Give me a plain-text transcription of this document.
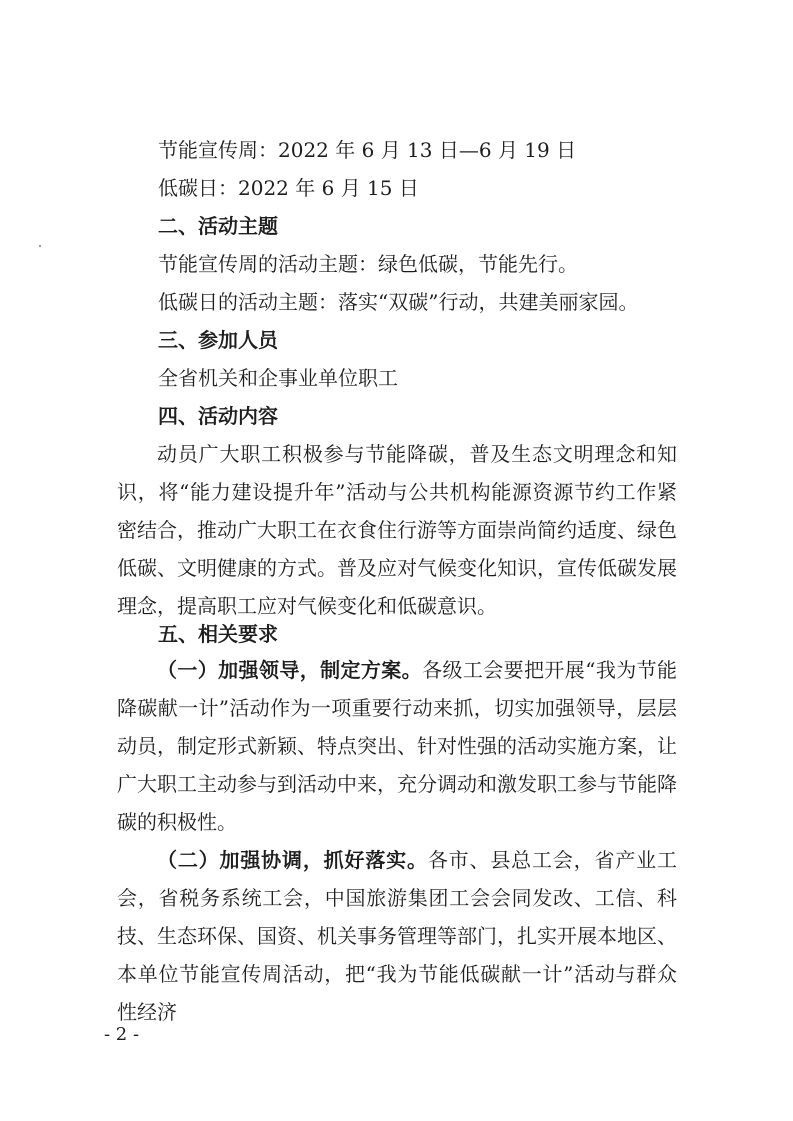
节能宣传周：2022 年 6 月 13 日—6 月 19 日

低碳日：2022 年 6 月 15 日

二、活动主题

节能宣传周的活动主题：绿色低碳，节能先行。

低碳日的活动主题：落实“双碳”行动，共建美丽家园。

三、参加人员

全省机关和企事业单位职工

四、活动内容

动员广大职工积极参与节能降碳，普及生态文明理念和知识，将“能力建设提升年”活动与公共机构能源资源节约工作紧密结合，推动广大职工在衣食住行游等方面崇尚简约适度、绿色低碳、文明健康的方式。普及应对气候变化知识，宣传低碳发展理念，提高职工应对气候变化和低碳意识。

五、相关要求

（一）加强领导，制定方案。各级工会要把开展“我为节能降碳献一计”活动作为一项重要行动来抓，切实加强领导，层层动员，制定形式新颖、特点突出、针对性强的活动实施方案，让广大职工主动参与到活动中来，充分调动和激发职工参与节能降碳的积极性。

（二）加强协调，抓好落实。各市、县总工会，省产业工会，省税务系统工会，中国旅游集团工会会同发改、工信、科技、生态环保、国资、机关事务管理等部门，扎实开展本地区、本单位节能宣传周活动，把“我为节能低碳献一计”活动与群众性经济

- 2 -
